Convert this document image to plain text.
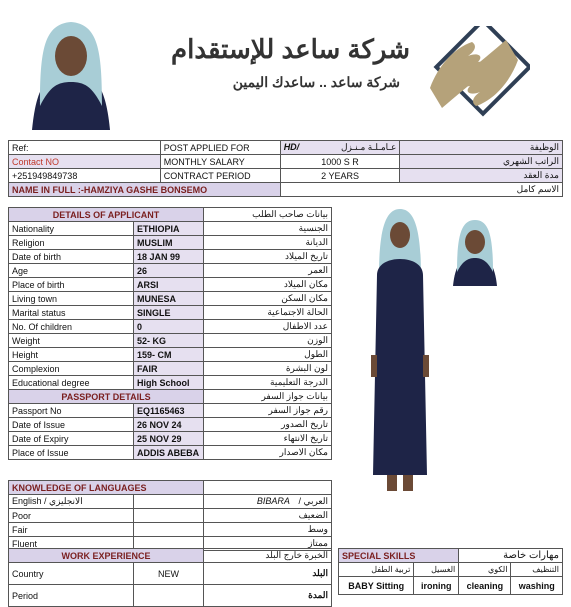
شركة ساعد للإستقدام
شركة ساعد .. ساعدك اليمين
Ref:	POST APPLIED FOR	HD/ عـامـلـة مـنـزل	الوظيفة
Contact NO	MONTHLY SALARY	1000 S R	الراتب الشهري
+251949849738	CONTRACT PERIOD	2 YEARS	مدة العقد
NAME IN FULL :-HAMZIYA GASHE BONSEMO		الاسم كامل	
DETAILS OF APPLICANT		بيانات صاحب الطلب
Nationality	ETHIOPIA	الجنسية
Religion	MUSLIM	الديانة
Date of birth	18 JAN 99	تاريخ الميلاد
Age	26	العمر
Place of birth	ARSI	مكان الميلاد
Living town	MUNESA	مكان السكن
Marital status	SINGLE	الحالة الاجتماعية
No. Of children	0	عدد الاطفال
Weight	52- KG	الوزن
Height	159- CM	الطول
Complexion	FAIR	لون البشرة
Educational degree	High School	الدرجة التعليمية
PASSPORT DETAILS		بيانات جواز السفر
Passport No	EQ1165463	رقم جواز السفر
Date of Issue	26 NOV 24	تاريخ الصدور
Date of Expiry	25 NOV 29	تاريخ الانتهاء
Place of Issue	ADDIS ABEBA	مكان الاصدار
KNOWLEDGE OF LANGUAGES		
English / الانجليزي		العربي / BIBARA
Poor		الضعيف
Fair		وسط
Fluent		ممتاز
WORK EXPERIENCE		الخبرة خارج البلد
Country	NEW	البلد
Period		المدة
SPECIAL SKILLS		مهارات خاصة	
تربية الطفل	الغسيل	الكوي	التنظيف
BABY Sitting	ironing	cleaning	washing
